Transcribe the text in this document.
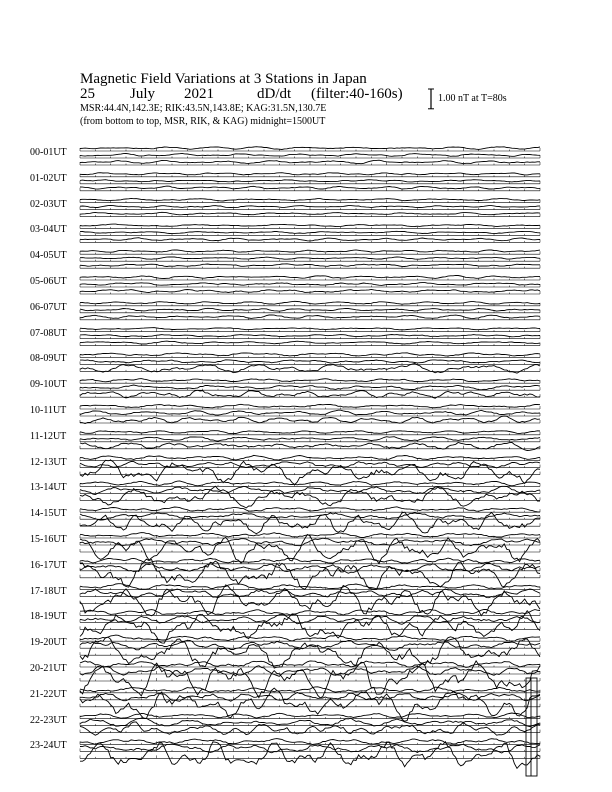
Magnetic Field Variations at 3 Stations in Japan
25 July 2021	dD/dt (filter:40-160s)
MSR:44.4N,142.3E; RIK:43.5N,143.8E; KAG:31.5N,130.7E
(from bottom to top, MSR, RIK, & KAG) midnight=1500UT
1.00 nT at T=80s
00-01UT
01-02UT
02-03UT
03-04UT
04-05UT
05-06UT
06-07UT
07-08UT
08-09UT
09-10UT
10-11UT
11-12UT
12-13UT
13-14UT
14-15UT
15-16UT
16-17UT
17-18UT
18-19UT
19-20UT
20-21UT
21-22UT
22-23UT
23-24UT
